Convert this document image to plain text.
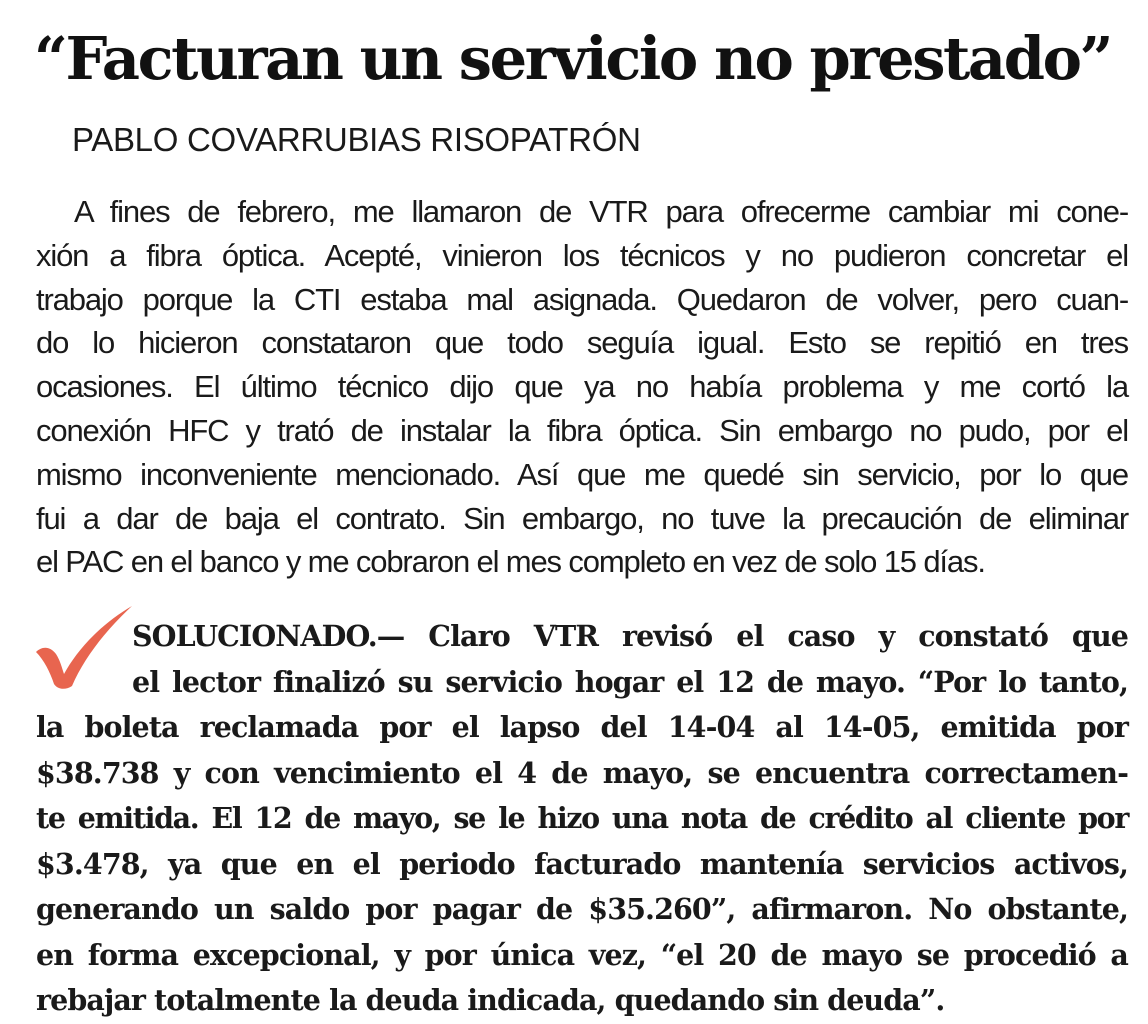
“Facturan un servicio no prestado”

PABLO COVARRUBIAS RISOPATRÓN

A fines de febrero, me llamaron de VTR para ofrecerme cambiar mi cone-
xión a fibra óptica. Acepté, vinieron los técnicos y no pudieron concretar el
trabajo porque la CTI estaba mal asignada. Quedaron de volver, pero cuan-
do lo hicieron constataron que todo seguía igual. Esto se repitió en tres
ocasiones. El último técnico dijo que ya no había problema y me cortó la
conexión HFC y trató de instalar la fibra óptica. Sin embargo no pudo, por el
mismo inconveniente mencionado. Así que me quedé sin servicio, por lo que
fui a dar de baja el contrato. Sin embargo, no tuve la precaución de eliminar
el PAC en el banco y me cobraron el mes completo en vez de solo 15 días.
SOLUCIONADO.— Claro VTR revisó el caso y constató que
el lector finalizó su servicio hogar el 12 de mayo. “Por lo tanto,
la boleta reclamada por el lapso del 14-04 al 14-05, emitida por
$38.738 y con vencimiento el 4 de mayo, se encuentra correctamen-
te emitida. El 12 de mayo, se le hizo una nota de crédito al cliente por
$3.478, ya que en el periodo facturado mantenía servicios activos,
generando un saldo por pagar de $35.260”, afirmaron. No obstante,
en forma excepcional, y por única vez, “el 20 de mayo se procedió a
rebajar totalmente la deuda indicada, quedando sin deuda”.
